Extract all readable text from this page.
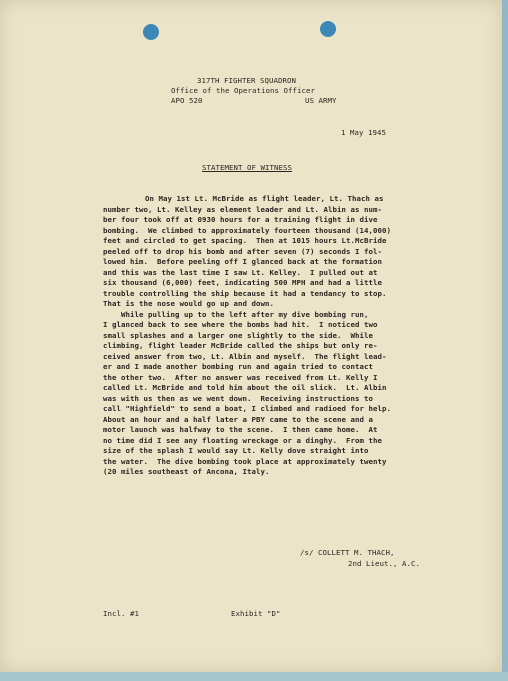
317TH FIGHTER SQUADRON
Office of the Operations Officer
APO 520	US ARMY
1 May 1945
STATEMENT OF WITNESS
On May 1st Lt. McBride as flight leader, Lt. Thach as
number two, Lt. Kelley as element leader and Lt. Albin as num-
ber four took off at 0930 hours for a training flight in dive
bombing.  We climbed to approximately fourteen thousand (14,000)
feet and circled to get spacing.  Then at 1015 hours Lt.McBride
peeled off to drop his bomb and after seven (7) seconds I fol-
lowed him.  Before peeling off I glanced back at the formation
and this was the last time I saw Lt. Kelley.  I pulled out at
six thousand (6,000) feet, indicating 500 MPH and had a little
trouble controlling the ship because it had a tendancy to stop.
That is the nose would go up and down.
While pulling up to the left after my dive bombing run,
I glanced back to see where the bombs had hit.  I noticed two
small splashes and a larger one slightly to the side.  While
climbing, flight leader McBride called the ships but only re-
ceived answer from two, Lt. Albin and myself.  The flight lead-
er and I made another bombing run and again tried to contact
the other two.  After no answer was received from Lt. Kelly I
called Lt. McBride and told him about the oil slick.  Lt. Albin
was with us then as we went down.  Receiving instructions to
call "Highfield" to send a boat, I climbed and radioed for help.
About an hour and a half later a PBY came to the scene and a
motor launch was halfway to the scene.  I then came home.  At
no time did I see any floating wreckage or a dinghy.  From the
size of the splash I would say Lt. Kelly dove straight into
the water.  The dive bombing took place at approximately twenty
(20 miles southeast of Ancona, Italy.
/s/ COLLETT M. THACH,
2nd Lieut., A.C.
Incl. #1	Exhibit "D"
